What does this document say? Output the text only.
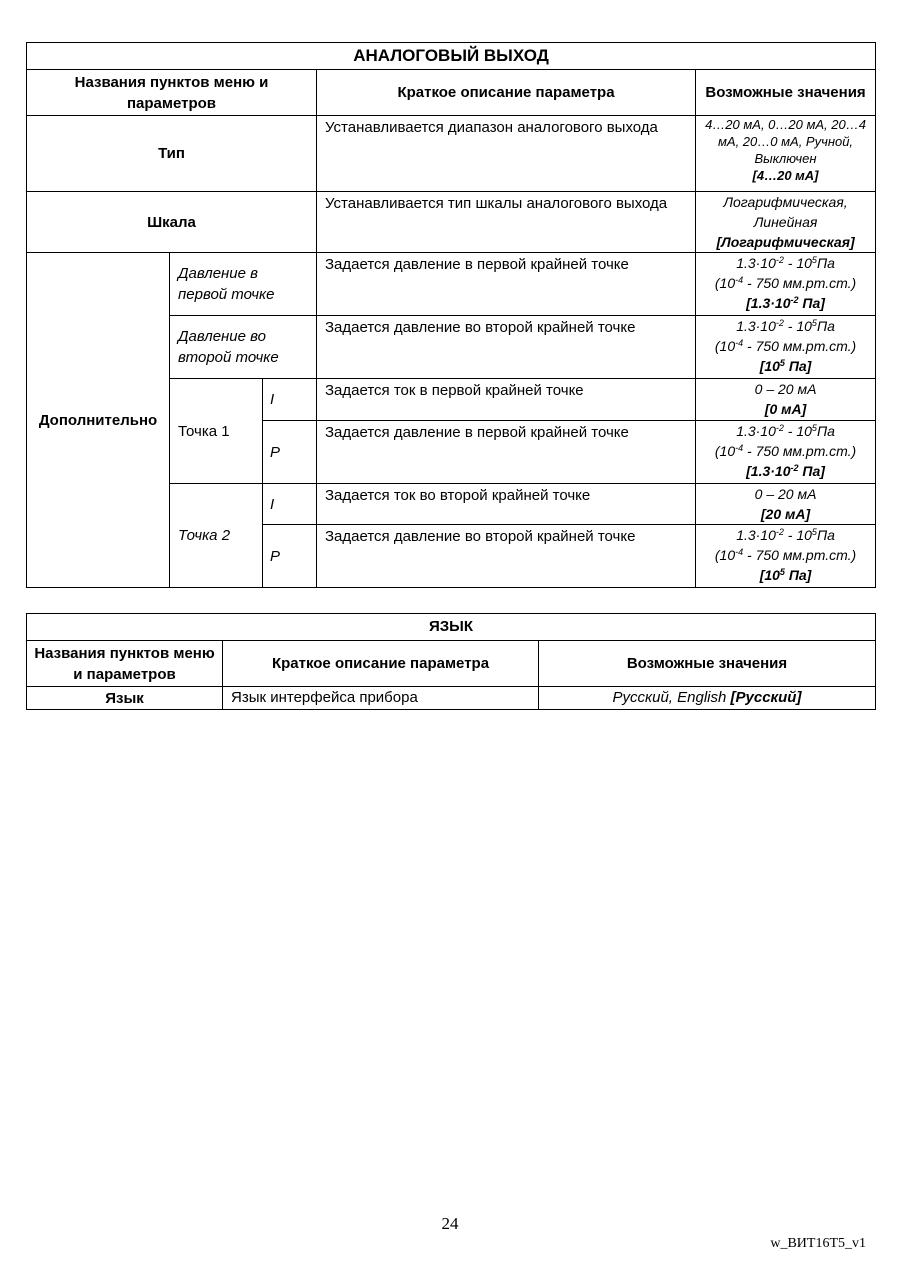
АНАЛОГОВЫЙ ВЫХОД				
Названия пунктов меню и параметров			Краткое описание параметра	Возможные значения
Тип			Устанавливается диапазон аналогового выхода	4…20 мА, 0…20 мА, 20…4 мА, 20…0 мА, Ручной, Выключен
[4…20 мА]
Шкала			Устанавливается тип шкалы аналогового выхода	Логарифмическая,
Линейная
[Логарифмическая]
Дополнительно	Давление в первой точке		Задается давление в первой крайней точке	$1.3\cdot 10^{-2} - 10^5Па$
($10^{-4} - 750$ мм.рт.ст.)
[$1.3\cdot 10^{-2}$ Па]
	Давление во второй точке		Задается давление во второй крайней точке	$1.3\cdot 10^{-2} - 10^5Па$
($10^{-4} - 750$ мм.рт.ст.)
[$10^5$ Па]
	Точка 1	I	Задается ток в первой крайней точке	0 – 20 мА
[0 мА]
		P	Задается давление в первой крайней точке	$1.3\cdot 10^{-2} - 10^5Па$
($10^{-4} - 750$ мм.рт.ст.)
[$1.3\cdot 10^{-2}$ Па]
	Точка 2	I	Задается ток во второй крайней точке	0 – 20 мА
[20 мА]
		P	Задается давление во второй крайней точке	$1.3\cdot 10^{-2} - 10^5Па$
($10^{-4} - 750$ мм.рт.ст.)
[$10^5$ Па]
ЯЗЫК		
Названия пунктов меню и параметров	Краткое описание параметра	Возможные значения
Язык	Язык интерфейса прибора	Русский, English [Русский]
24
w_ВИТ16Т5_v1
